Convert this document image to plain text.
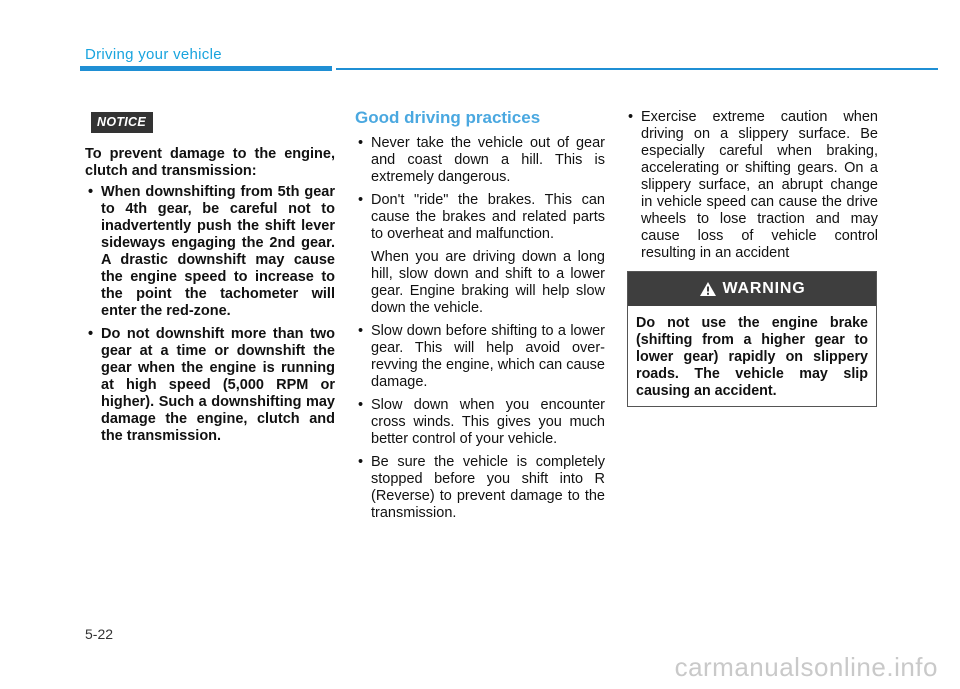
Driving your vehicle
NOTICE

To prevent damage to the engine, clutch and transmission:

• When downshifting from 5th gear to 4th gear, be careful not to inadvertently push the shift lever sideways engaging the 2nd gear. A drastic downshift may cause the engine speed to increase to the point the tachometer will enter the red-zone.
• Do not downshift more than two gear at a time or downshift the gear when the engine is running at high speed (5,000 RPM or higher). Such a downshifting may damage the engine, clutch and the transmission.

Good driving practices

• Never take the vehicle out of gear and coast down a hill. This is extremely dangerous.
• Don't "ride" the brakes. This can cause the brakes and related parts to overheat and malfunction.

When you are driving down a long hill, slow down and shift to a lower gear. Engine braking will help slow down the vehicle.

• Slow down before shifting to a lower gear. This will help avoid over-revving the engine, which can cause damage.
• Slow down when you encounter cross winds. This gives you much better control of your vehicle.
• Be sure the vehicle is completely stopped before you shift into R (Reverse) to prevent damage to the transmission.
• Exercise extreme caution when driving on a slippery surface. Be especially careful when braking, accelerating or shifting gears. On a slippery surface, an abrupt change in vehicle speed can cause the drive wheels to lose traction and may cause loss of vehicle control resulting in an accident
WARNING
Do not use the engine brake (shifting from a higher gear to lower gear) rapidly on slippery roads. The vehicle may slip causing an accident.
5-22
carmanualsonline.info
